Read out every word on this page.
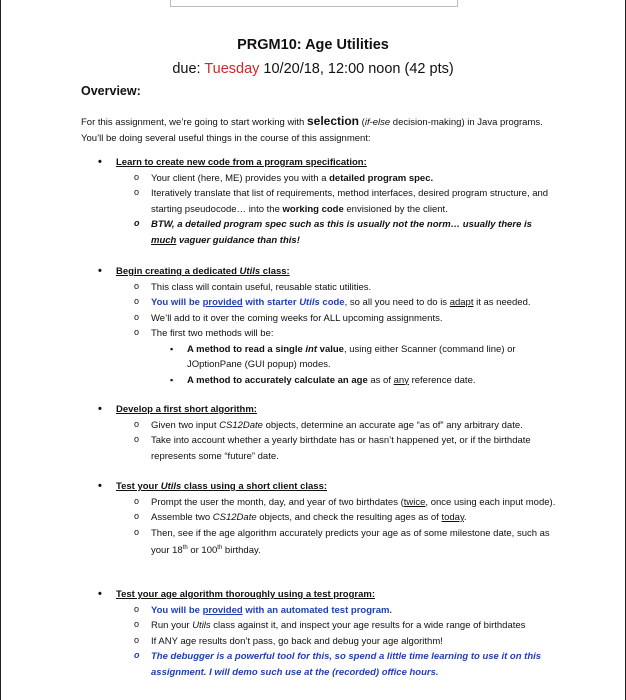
PRGM10: Age Utilities
due: Tuesday 10/20/18, 12:00 noon (42 pts)
Overview:
For this assignment, we’re going to start working with selection (if-else decision-making) in Java programs. You’ll be doing several useful things in the course of this assignment:
• Learn to create new code from a program specification:
o Your client (here, ME) provides you with a detailed program spec.
o Iteratively translate that list of requirements, method interfaces, desired program structure, and starting pseudocode… into the working code envisioned by the client.
o BTW, a detailed program spec such as this is usually not the norm… usually there is much vaguer guidance than this!
• Begin creating a dedicated Utils class:
o This class will contain useful, reusable static utilities.
o You will be provided with starter Utils code, so all you need to do is adapt it as needed.
o We’ll add to it over the coming weeks for ALL upcoming assignments.
o The first two methods will be:
▪ A method to read a single int value, using either Scanner (command line) or JOptionPane (GUI popup) modes.
▪ A method to accurately calculate an age as of any reference date.
• Develop a first short algorithm:
o Given two input CS12Date objects, determine an accurate age “as of” any arbitrary date.
o Take into account whether a yearly birthdate has or hasn’t happened yet, or if the birthdate represents some “future” date.
• Test your Utils class using a short client class:
o Prompt the user the month, day, and year of two birthdates (twice, once using each input mode).
o Assemble two CS12Date objects, and check the resulting ages as of today.
o Then, see if the age algorithm accurately predicts your age as of some milestone date, such as your 18th or 100th birthday.
• Test your age algorithm thoroughly using a test program:
o You will be provided with an automated test program.
o Run your Utils class against it, and inspect your age results for a wide range of birthdates
o If ANY age results don’t pass, go back and debug your age algorithm!
o The debugger is a powerful tool for this, so spend a little time learning to use it on this assignment. I will demo such use at the (recorded) office hours.
